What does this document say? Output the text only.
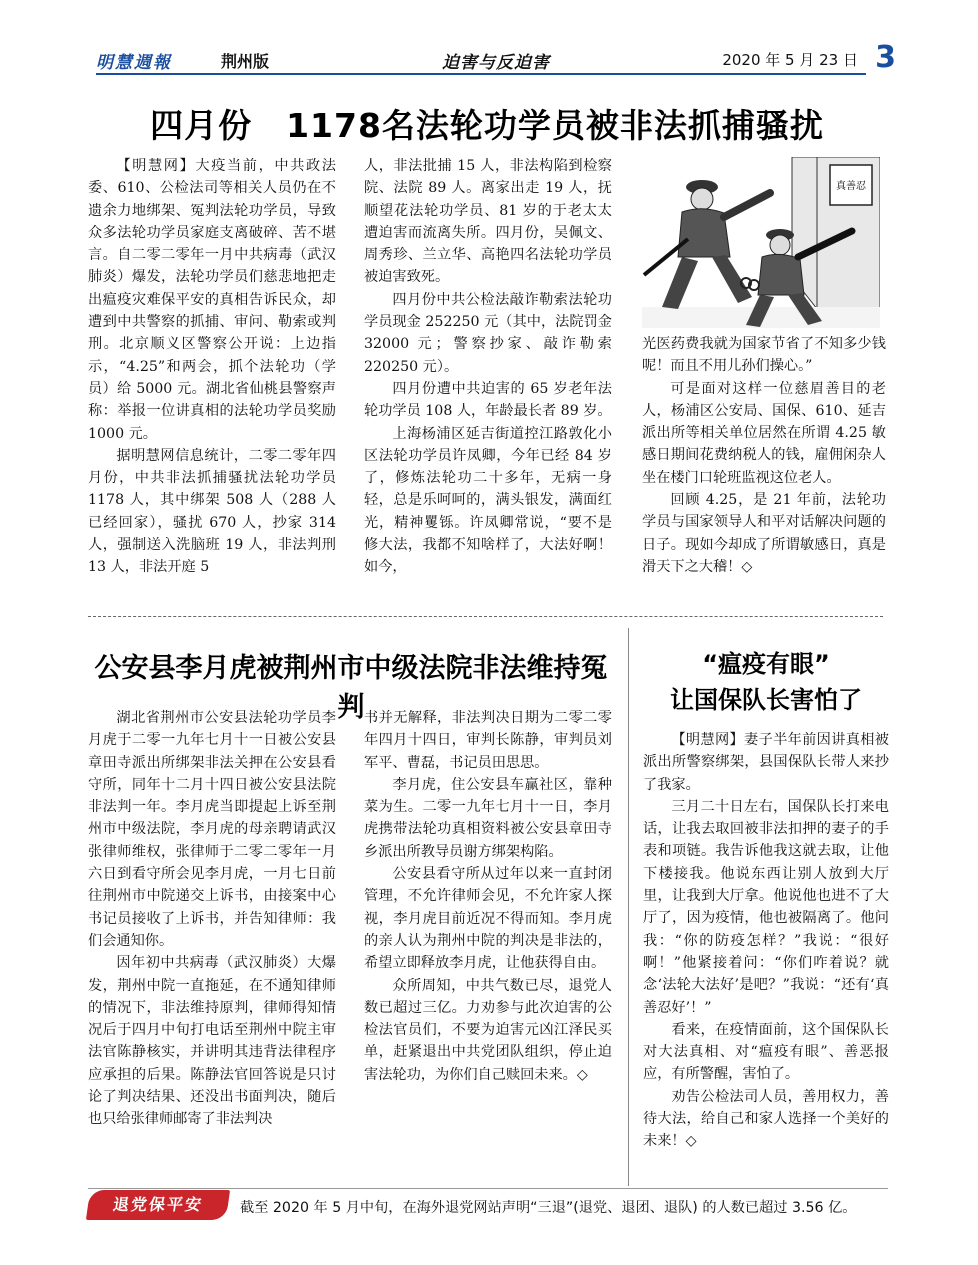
明慧週報	荆州版	迫害与反迫害	2020 年 5 月 23 日 3
四月份　1178名法轮功学员被非法抓捕骚扰

【明慧网】大疫当前，中共政法委、610、公检法司等相关人员仍在不遗余力地绑架、冤判法轮功学员，导致众多法轮功学员家庭支离破碎、苦不堪言。自二零二零年一月中共病毒（武汉肺炎）爆发，法轮功学员们慈悲地把走出瘟疫灾难保平安的真相告诉民众，却遭到中共警察的抓捕、审问、勒索或判刑。北京顺义区警察公开说：上边指示，“4.25”和两会，抓个法轮功（学员）给 5000 元。湖北省仙桃县警察声称：举报一位讲真相的法轮功学员奖励 1000 元。

据明慧网信息统计，二零二零年四月份，中共非法抓捕骚扰法轮功学员 1178 人，其中绑架 508 人（288 人已经回家），骚扰 670 人，抄家 314 人，强制送入洗脑班 19 人，非法判刑 13 人，非法开庭 5

人，非法批捕 15 人，非法构陷到检察院、法院 89 人。离家出走 19 人，抚顺望花法轮功学员、81 岁的于老太太遭迫害而流离失所。四月份，吴佩文、周秀珍、兰立华、高艳四名法轮功学员被迫害致死。

四月份中共公检法敲诈勒索法轮功学员现金 252250 元（其中，法院罚金 32000 元；警察抄家、敲诈勒索 220250 元）。

四月份遭中共迫害的 65 岁老年法轮功学员 108 人，年龄最长者 89 岁。

上海杨浦区延吉街道控江路敦化小区法轮功学员许凤卿，今年已经 84 岁了，修炼法轮功二十多年，无病一身轻，总是乐呵呵的，满头银发，满面红光，精神矍铄。许凤卿常说，“要不是修大法，我都不知啥样了，大法好啊！如今，

真善忍

光医药费我就为国家节省了不知多少钱呢！而且不用儿孙们操心。”

可是面对这样一位慈眉善目的老人，杨浦区公安局、国保、610、延吉派出所等相关单位居然在所谓 4.25 敏感日期间花费纳税人的钱，雇佣闲杂人坐在楼门口轮班监视这位老人。

回顾 4.25，是 21 年前，法轮功学员与国家领导人和平对话解决问题的日子。现如今却成了所谓敏感日，真是滑天下之大稽！◇

公安县李月虎被荆州市中级法院非法维持冤判

湖北省荆州市公安县法轮功学员李月虎于二零一九年七月十一日被公安县章田寺派出所绑架非法关押在公安县看守所，同年十二月十四日被公安县法院非法判一年。李月虎当即提起上诉至荆州市中级法院，李月虎的母亲聘请武汉张律师维权，张律师于二零二零年一月六日到看守所会见李月虎，一月七日前往荆州市中院递交上诉书，由接案中心书记员接收了上诉书，并告知律师：我们会通知你。

因年初中共病毒（武汉肺炎）大爆发，荆州中院一直拖延，在不通知律师的情况下，非法维持原判，律师得知情况后于四月中旬打电话至荆州中院主审法官陈静核实，并讲明其违背法律程序应承担的后果。陈静法官回答说是只讨论了判决结果、还没出书面判决，随后也只给张律师邮寄了非法判决

书并无解释，非法判决日期为二零二零年四月十四日，审判长陈静，审判员刘军平、曹磊，书记员田思思。

李月虎，住公安县车赢社区，靠种菜为生。二零一九年七月十一日，李月虎携带法轮功真相资料被公安县章田寺乡派出所教导员谢方绑架构陷。

公安县看守所从过年以来一直封闭管理，不允许律师会见，不允许家人探视，李月虎目前近况不得而知。李月虎的亲人认为荆州中院的判决是非法的，希望立即释放李月虎，让他获得自由。

众所周知，中共气数已尽，退党人数已超过三亿。力劝参与此次迫害的公检法官员们，不要为迫害元凶江泽民买单，赶紧退出中共党团队组织，停止迫害法轮功，为你们自己赎回未来。◇

“瘟疫有眼”
让国保队长害怕了

【明慧网】妻子半年前因讲真相被派出所警察绑架，县国保队长带人来抄了我家。

三月二十日左右，国保队长打来电话，让我去取回被非法扣押的妻子的手表和项链。我告诉他我这就去取，让他下楼接我。他说东西让别人放到大厅里，让我到大厅拿。他说他也进不了大厅了，因为疫情，他也被隔离了。他问我：“你的防疫怎样？”我说：“很好啊！”他紧接着问：“你们咋着说？就念‘法轮大法好’是吧？”我说：“还有‘真善忍好’！”

看来，在疫情面前，这个国保队长对大法真相、对“瘟疫有眼”、善恶报应，有所警醒，害怕了。

劝告公检法司人员，善用权力，善待大法，给自己和家人选择一个美好的未来！◇

退党保平安	截至 2020 年 5 月中旬，在海外退党网站声明“三退”(退党、退团、退队) 的人数已超过 3.56 亿。
